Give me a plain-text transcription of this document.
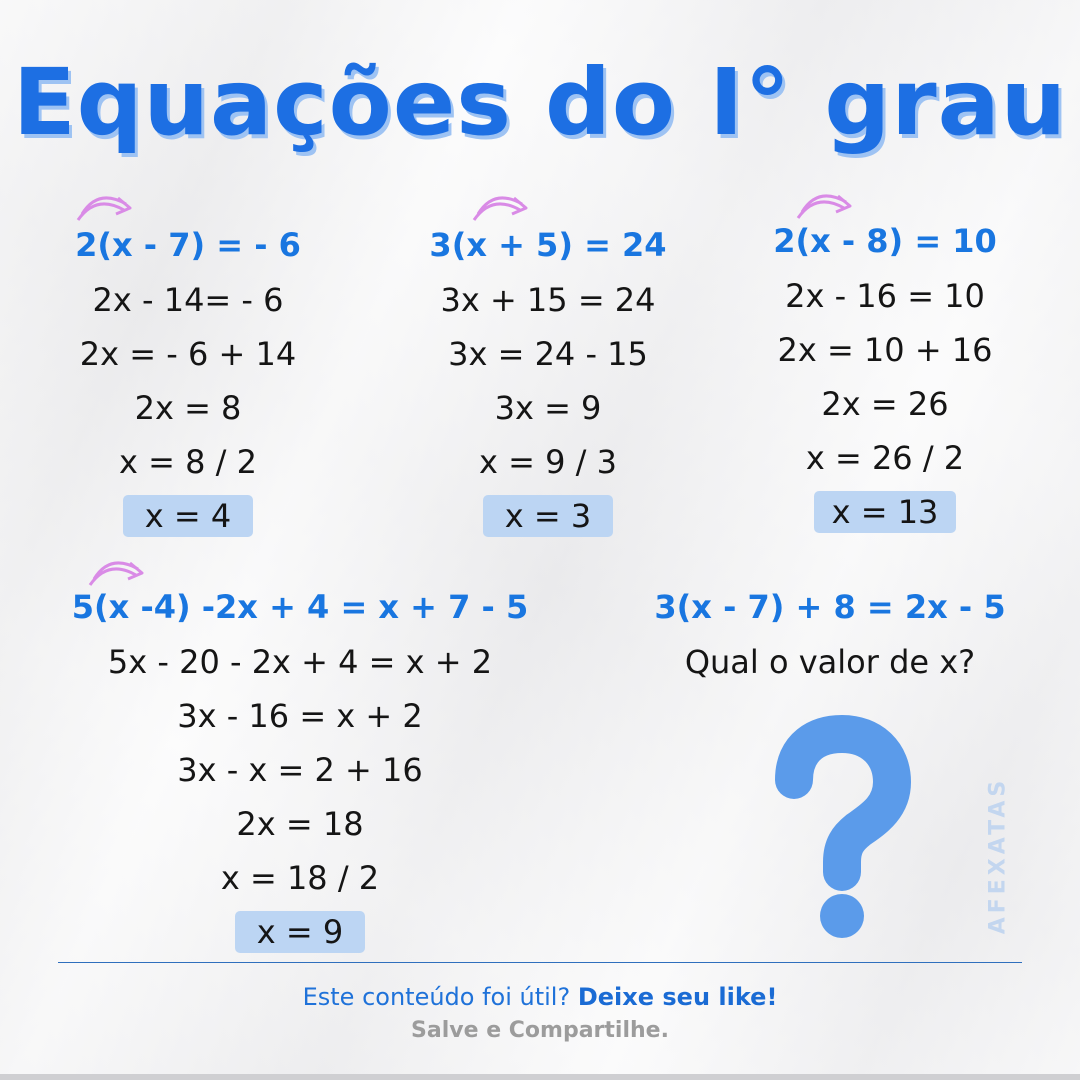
Equações do I° grau
2(x - 7) = - 6
2x - 14= - 6
2x = - 6 + 14
2x = 8
x = 8 / 2
x = 4
3(x + 5) = 24
3x + 15 = 24
3x = 24 - 15
3x = 9
x = 9 / 3
x = 3
2(x - 8) = 10
2x - 16 = 10
2x = 10 + 16
2x = 26
x = 26 / 2
x = 13
5(x -4) -2x + 4 = x + 7 - 5
5x - 20 - 2x + 4 = x + 2
3x - 16 = x + 2
3x - x = 2 + 16
2x = 18
x = 18 / 2
x = 9
3(x - 7) + 8 = 2x - 5
Qual o valor de x?
AFEXATAS
Este conteúdo foi útil? Deixe seu like!
Salve e Compartilhe.
